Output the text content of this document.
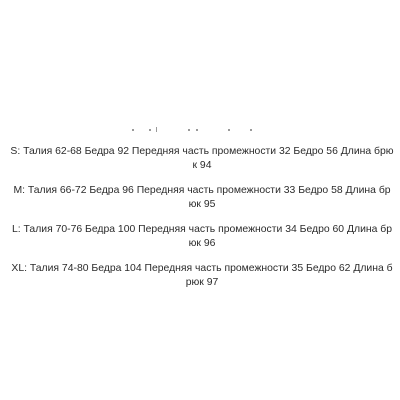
S: Талия 62-68 Бедра 92 Передняя часть промежности 32 Бедро 56 Длина брюк 94

M: Талия 66-72 Бедра 96 Передняя часть промежности 33 Бедро 58 Длина брюк 95

L: Талия 70-76 Бедра 100 Передняя часть промежности 34 Бедро 60 Длина брюк 96

XL: Талия 74-80 Бедра 104 Передняя часть промежности 35 Бедро 62 Длина брюк 97
